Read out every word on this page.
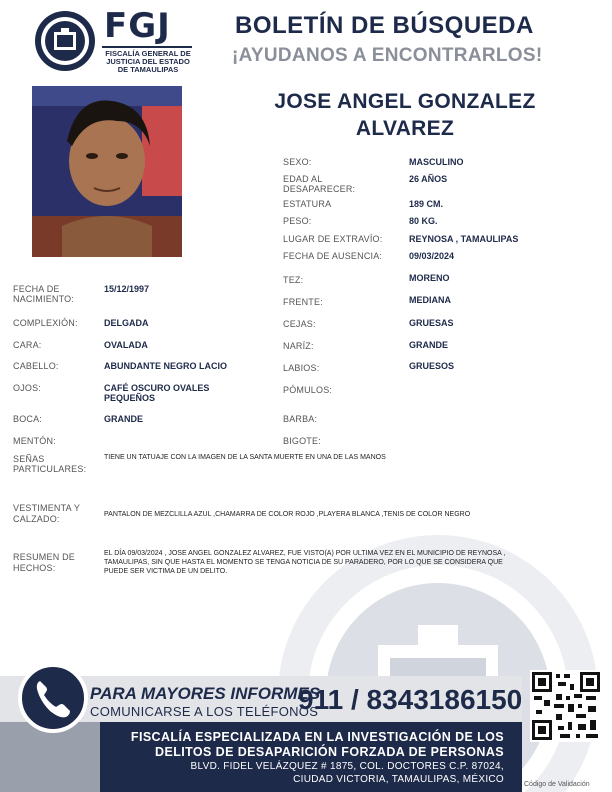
FGJ
FISCALÍA GENERAL DE
JUSTICIA DEL ESTADO
DE TAMAULIPAS
BOLETÍN DE BÚSQUEDA
¡AYUDANOS A ENCONTRARLOS!
JOSE ANGEL GONZALEZ
ALVAREZ
SEXO:	MASCULINO
EDAD AL
DESAPARECER:
26 AÑOS
ESTATURA	189 CM.
PESO:	80 KG.
LUGAR DE EXTRAVÍO:	REYNOSA , TAMAULIPAS
FECHA DE AUSENCIA:	09/03/2024
TEZ:	MORENO
FRENTE:	MEDIANA
CEJAS:	GRUESAS
NARÍZ:	GRANDE
LABIOS:	GRUESOS
PÓMULOS:
BARBA:
BIGOTE:
FECHA DE
NACIMIENTO:
15/12/1997
COMPLEXIÓN:	DELGADA
CARA:	OVALADA
CABELLO:	ABUNDANTE NEGRO LACIO
OJOS:	CAFÉ OSCURO OVALES
PEQUEÑOS
BOCA:	GRANDE
MENTÓN:
SEÑAS
PARTICULARES:
TIENE UN TATUAJE CON LA IMAGEN DE LA SANTA MUERTE EN UNA DE LAS MANOS
VESTIMENTA Y
CALZADO:	PANTALON DE MEZCLILLA AZUL ,CHAMARRA DE COLOR ROJO ,PLAYERA BLANCA ,TENIS DE COLOR NEGRO
RESUMEN DE
HECHOS:
EL DÍA 09/03/2024 , JOSE ANGEL GONZALEZ ALVAREZ, FUE VISTO(A) POR ULTIMA VEZ EN EL MUNICIPIO DE REYNOSA ,
TAMAULIPAS, SIN QUE HASTA EL MOMENTO SE TENGA NOTICIA DE SU PARADERO, POR LO QUE SE CONSIDERA QUE
PUEDE SER VICTIMA DE UN DELITO.
PARA MAYORES INFORMES,
COMUNICARSE A LOS TELÉFONOS
911 / 8343186150
FISCALÍA ESPECIALIZADA EN LA INVESTIGACIÓN DE LOS
DELITOS DE DESAPARICIÓN FORZADA DE PERSONAS
BLVD. FIDEL VELÁZQUEZ # 1875, COL. DOCTORES C.P. 87024,
CIUDAD VICTORIA, TAMAULIPAS, MÉXICO	Código de Validación
